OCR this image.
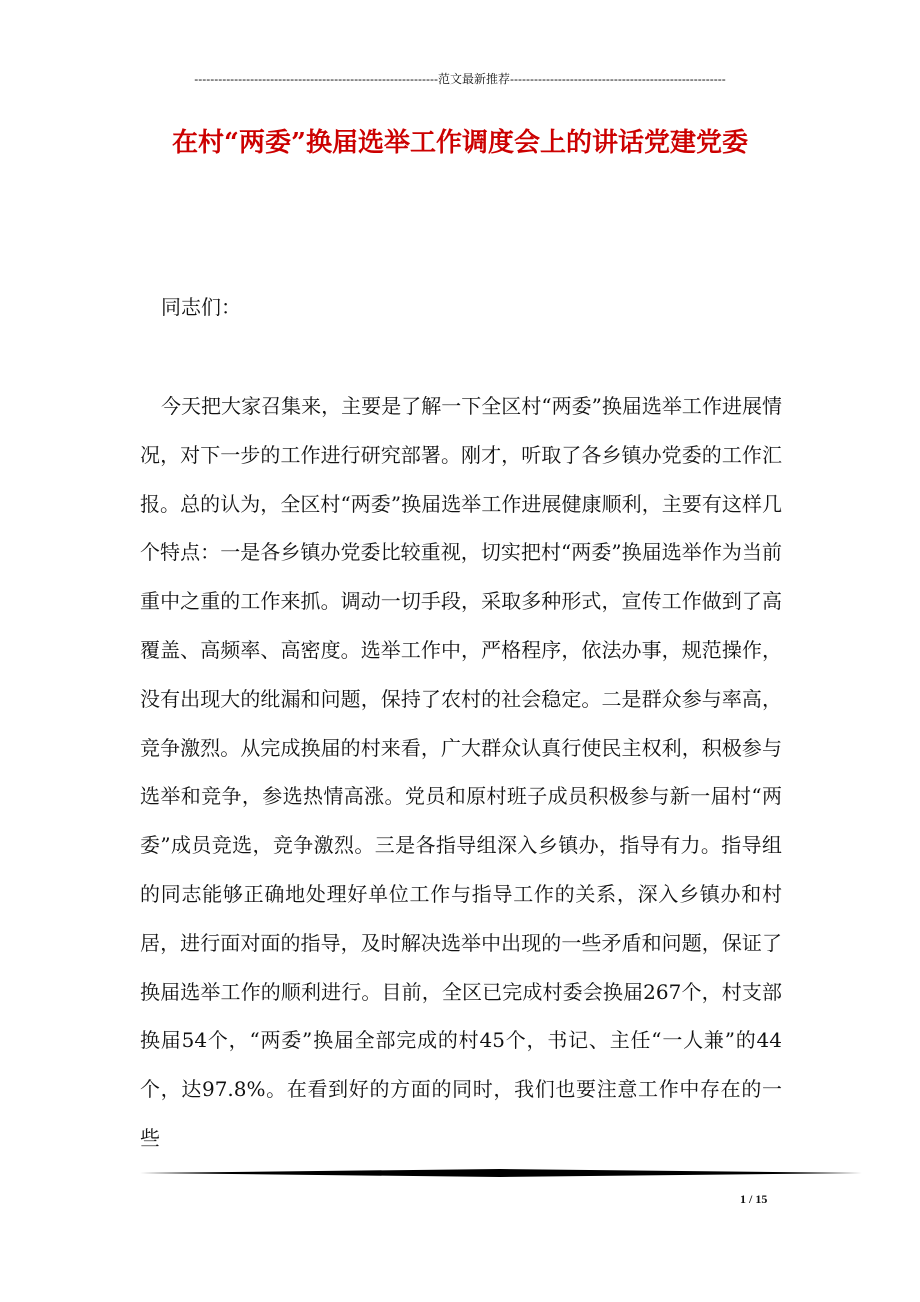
-------------------------------------------------------------范文最新推荐------------------------------------------------------
在村“两委”换届选举工作调度会上的讲话党建党委
同志们：

今天把大家召集来，主要是了解一下全区村“两委”换届选举工作进展情况，对下一步的工作进行研究部署。刚才，听取了各乡镇办党委的工作汇报。总的认为，全区村“两委”换届选举工作进展健康顺利，主要有这样几个特点：一是各乡镇办党委比较重视，切实把村“两委”换届选举作为当前重中之重的工作来抓。调动一切手段，采取多种形式，宣传工作做到了高覆盖、高频率、高密度。选举工作中，严格程序，依法办事，规范操作，没有出现大的纰漏和问题，保持了农村的社会稳定。二是群众参与率高，竞争激烈。从完成换届的村来看，广大群众认真行使民主权利，积极参与选举和竞争，参选热情高涨。党员和原村班子成员积极参与新一届村“两委”成员竞选，竞争激烈。三是各指导组深入乡镇办，指导有力。指导组的同志能够正确地处理好单位工作与指导工作的关系，深入乡镇办和村居，进行面对面的指导，及时解决选举中出现的一些矛盾和问题，保证了换届选举工作的顺利进行。目前，全区已完成村委会换届267个，村支部换届54个，“两委”换届全部完成的村45个，书记、主任“一人兼”的44个，达97.8%。在看到好的方面的同时，我们也要注意工作中存在的一些

1 / 15
